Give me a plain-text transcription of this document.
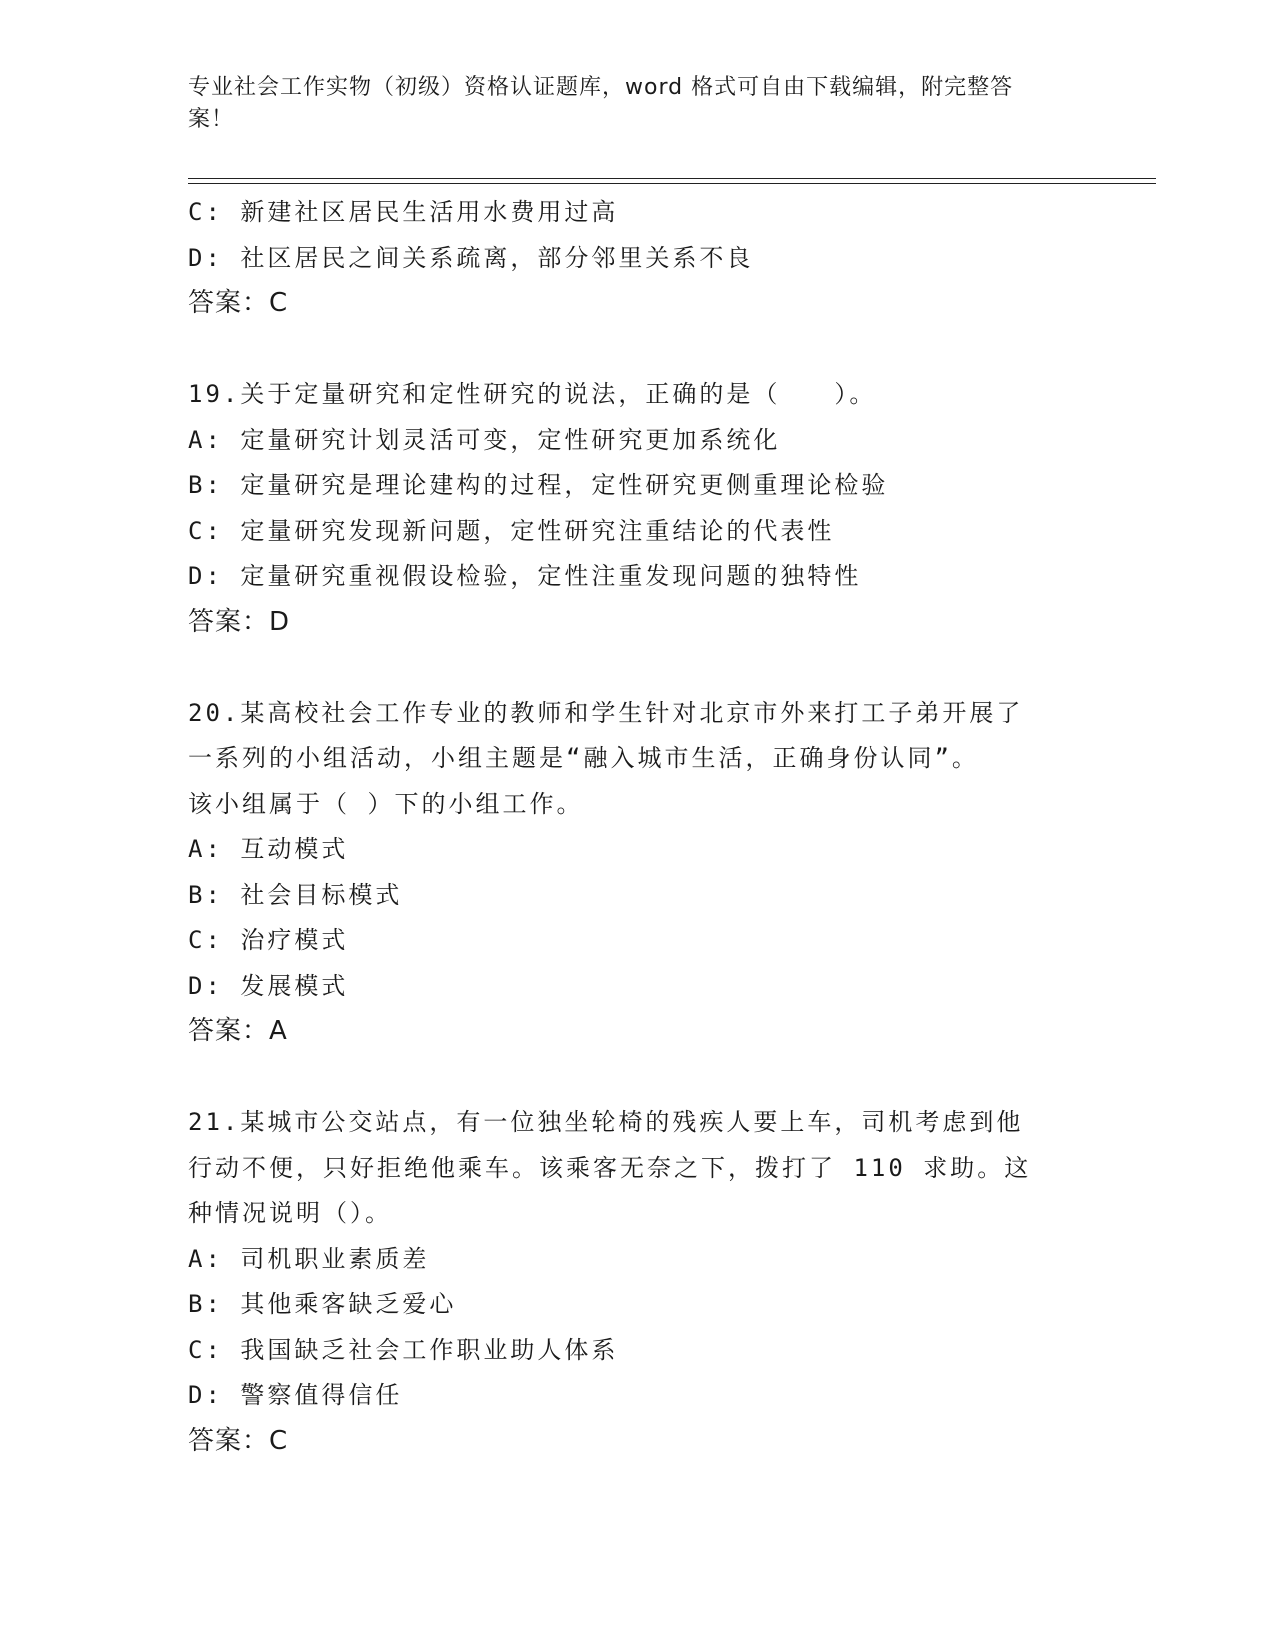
专业社会工作实物（初级）资格认证题库，word 格式可自由下载编辑，附完整答
案！
C: 新建社区居民生活用水费用过高
D: 社区居民之间关系疏离，部分邻里关系不良
答案：C
19.关于定量研究和定性研究的说法，正确的是（　　）。
A: 定量研究计划灵活可变，定性研究更加系统化
B: 定量研究是理论建构的过程，定性研究更侧重理论检验
C: 定量研究发现新问题，定性研究注重结论的代表性
D: 定量研究重视假设检验，定性注重发现问题的独特性
答案：D
20.某高校社会工作专业的教师和学生针对北京市外来打工子弟开展了
一系列的小组活动，小组主题是“融入城市生活，正确身份认同”。
该小组属于（ ）下的小组工作。
A: 互动模式
B: 社会目标模式
C: 治疗模式
D: 发展模式
答案：A
21.某城市公交站点，有一位独坐轮椅的残疾人要上车，司机考虑到他
行动不便，只好拒绝他乘车。该乘客无奈之下，拨打了 110 求助。这
种情况说明（）。
A: 司机职业素质差
B: 其他乘客缺乏爱心
C: 我国缺乏社会工作职业助人体系
D: 警察值得信任
答案：C
